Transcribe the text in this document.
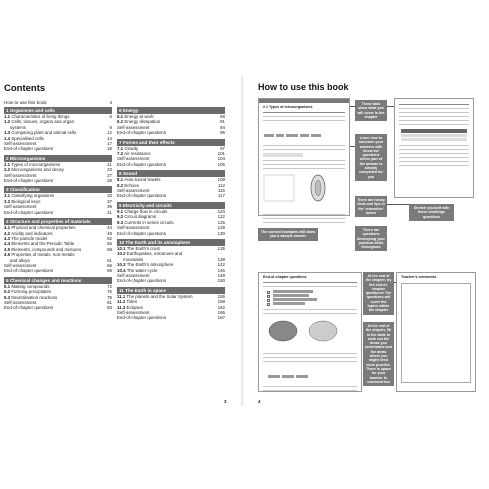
Contents
How to use this book	4
1 Organisms and cells
1.1 Characteristics of living things	6
1.2 Cells, tissues, organs and organ
systems	9
1.3 Comparing plant and animal cells	12
1.4 Specialised cells	14
Self-assessment	17
End-of-chapter questions	18
2 Microorganisms
2.1 Types of microorganisms	21
2.2 Microorganisms and decay	23
Self-assessment	27
End-of-chapter questions	28
3 Classification
3.1 Classifying organisms	33
3.2 Biological keys	37
Self-assessment	39
End-of-chapter questions	31
4 Structure and properties of materials
4.1 Physical and chemical properties	44
4.2 Acidity and indicators	48
4.3 The particle model	52
4.4 Elements and the Periodic Table	55
4.5 Elements, compounds and mixtures	58
4.6 Properties of metals, non-metals
and alloys	61
Self-assessment	66
End-of-chapter questions	69
5 Chemical changes and reactions
5.1 Making compounds	72
5.2 Forming precipitates	76
5.3 Neutralisation reactions	79
Self-assessment	81
End-of-chapter questions	83
6 Energy
6.1 Energy at work	88
6.2 Energy dissipation	91
Self-assessment	94
End-of-chapter questions	95
7 Forces and their effects
7.1 Gravity	97
7.2 Air resistance	101
Self-assessment	104
End-of-chapter questions	105
8 Sound
8.1 How sound travels	108
8.2 Echoes	112
Self-assessment	116
End-of-chapter questions	117
9 Electricity and circuits
9.1 Charge flow in circuits	120
9.2 Circuit diagrams	122
9.3 Currents in series circuits	125
Self-assessment	129
End-of-chapter questions	130
10 The Earth and its atmosphere
10.1 The Earth's crust	135
10.2 Earthquakes, volcanoes and
mountains	138
10.3 The Earth's atmosphere	142
10.4 The water cycle	146
Self-assessment	148
End-of-chapter questions	150
11 The Earth in space
11.1 The planets and the Solar System	155
11.2 Tides	158
11.3 Eclipses	162
Self-assessment	166
End-of-chapter questions	167
3
How to use this book
2.1 Types of microorganisms

End-of-chapter questions	Teacher's comments
These tabs show what you will cover in the chapter
Learn how to structure your answers with 'show me' questions where part of the answer is already completed for you
There are handy hints and tips in the 'remember' boxes
There are questions developing your practical skills throughout
The worked examples will show you a sample answer
Stretch yourself with these challenge questions
At the end of the chapter, try the end-of-chapter questions! The questions will cover the topics within the chapter
At the end of the chapter, fill in the table to work out the areas you understand and the areas where you might need more practice. There is space for your teacher to comment too
4
